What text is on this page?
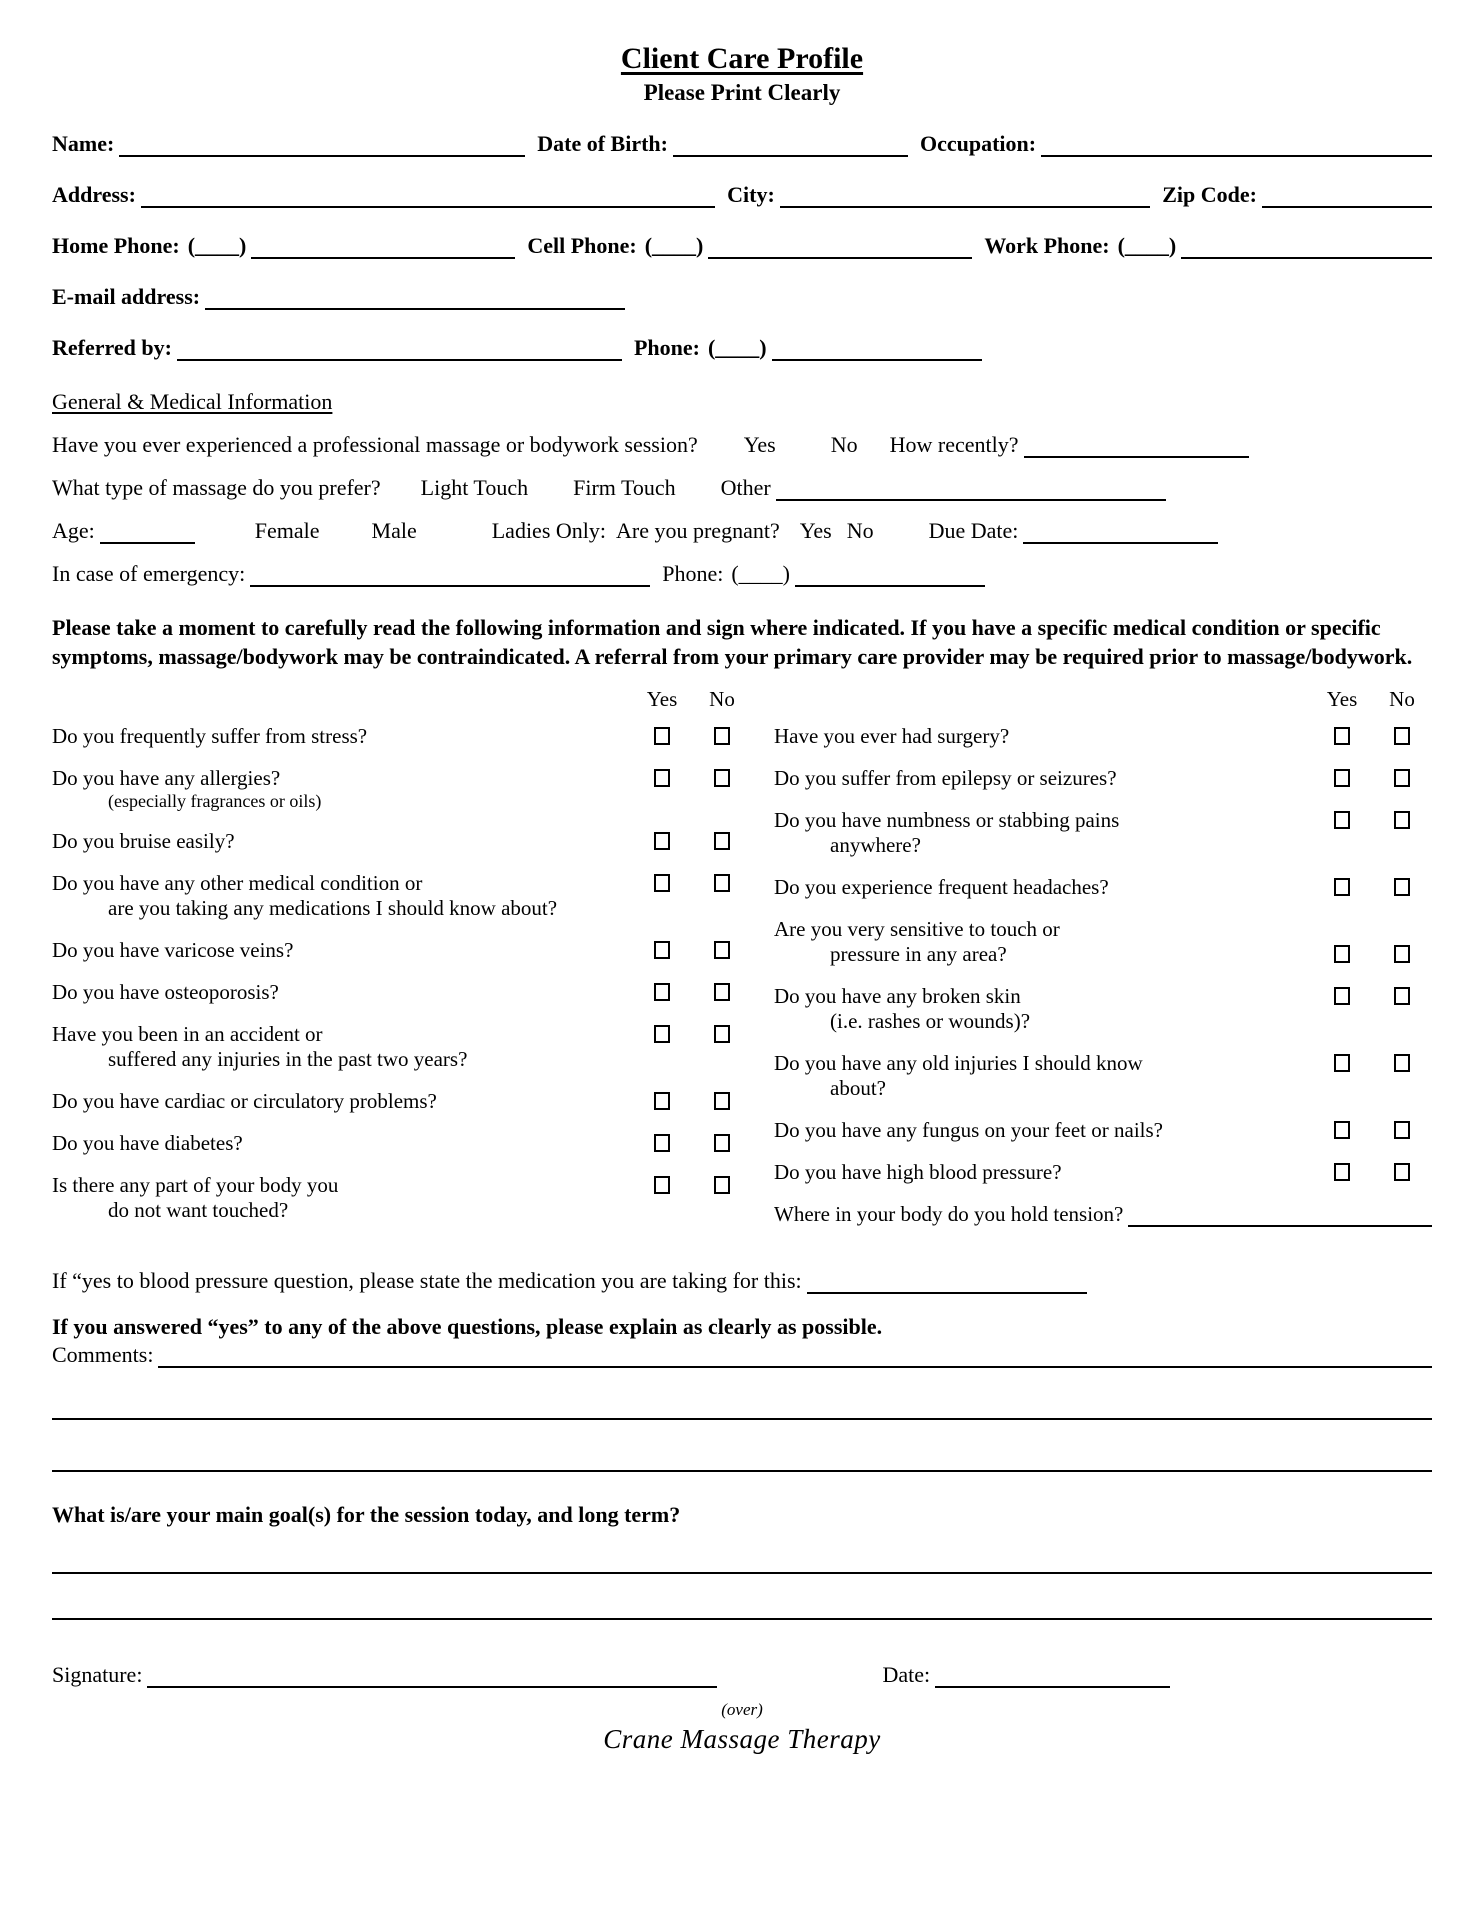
Client Care Profile
Please Print Clearly
Name:	Date of Birth:	Occupation:
Address:	City:	Zip Code:
Home Phone: (____)	Cell Phone: (____)	Work Phone: (____)
E-mail address:
Referred by:	Phone: (____)
General & Medical Information
Have you ever experienced a professional massage or bodywork session? Yes	No How recently?
What type of massage do you prefer? Light Touch Firm Touch Other
Age:	Female Male	Ladies Only: Are you pregnant? Yes No	Due Date:
In case of emergency:	Phone: (____)
Please take a moment to carefully read the following information and sign where indicated. If you have a specific medical condition or specific symptoms, massage/bodywork may be contraindicated. A referral from your primary care provider may be required prior to massage/bodywork.
Yes	No
Do you frequently suffer from stress?
Do you have any allergies?
(especially fragrances or oils)
Do you bruise easily?
Do you have any other medical condition or
are you taking any medications I should know about?
Do you have varicose veins?
Do you have osteoporosis?
Have you been in an accident or
suffered any injuries in the past two years?
Do you have cardiac or circulatory problems?
Do you have diabetes?
Is there any part of your body you
do not want touched?
Yes	No
Have you ever had surgery?
Do you suffer from epilepsy or seizures?
Do you have numbness or stabbing pains
anywhere?
Do you experience frequent headaches?
Are you very sensitive to touch or
pressure in any area?
Do you have any broken skin
(i.e. rashes or wounds)?
Do you have any old injuries I should know
about?
Do you have any fungus on your feet or nails?
Do you have high blood pressure?
Where in your body do you hold tension?
If “yes to blood pressure question, please state the medication you are taking for this:
If you answered “yes” to any of the above questions, please explain as clearly as possible.
Comments:
What is/are your main goal(s) for the session today, and long term?
Signature:	Date:
(over)
Crane Massage Therapy
